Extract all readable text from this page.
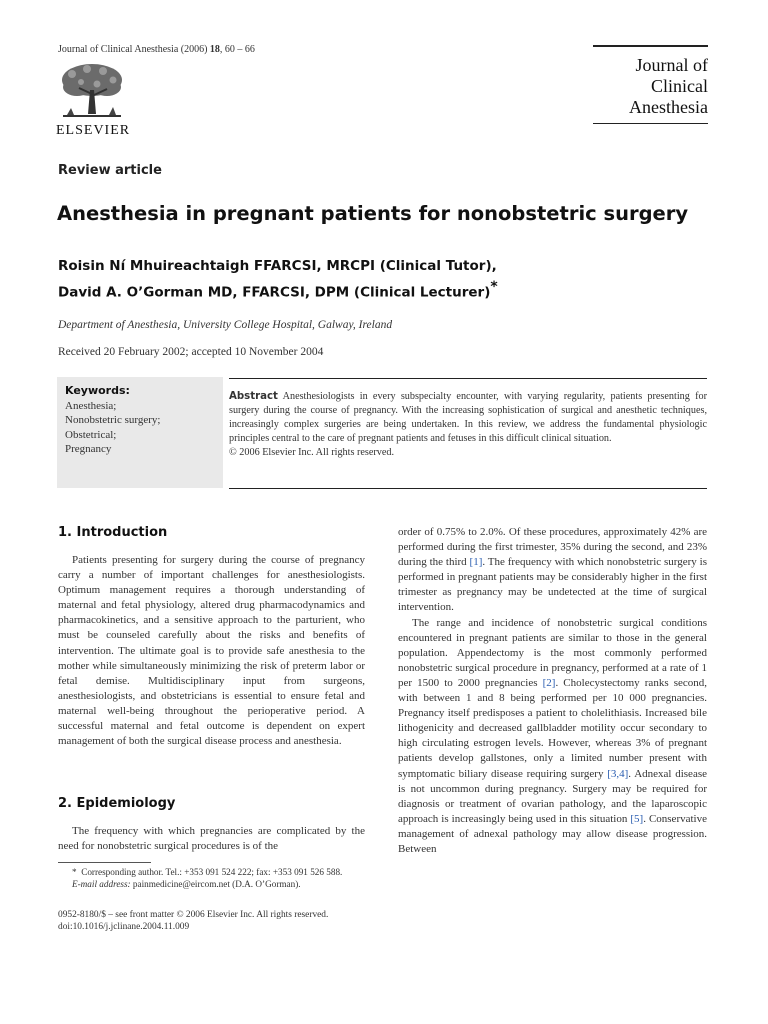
Journal of Clinical Anesthesia (2006) 18, 60 – 66
ELSEVIER
Journal of
Clinical
Anesthesia
Review article
Anesthesia in pregnant patients for nonobstetric surgery
Roisin Ní Mhuireachtaigh FFARCSI, MRCPI (Clinical Tutor),
David A. O’Gorman MD, FFARCSI, DPM (Clinical Lecturer)*
Department of Anesthesia, University College Hospital, Galway, Ireland
Received 20 February 2002; accepted 10 November 2004
Keywords:
Anesthesia;
Nonobstetric surgery;
Obstetrical;
Pregnancy
Abstract Anesthesiologists in every subspecialty encounter, with varying regularity, patients presenting for surgery during the course of pregnancy. With the increasing sophistication of surgical and anesthetic techniques, increasingly complex surgeries are being undertaken. In this review, we address the fundamental physiologic principles central to the care of pregnant patients and fetuses in this difficult clinical situation.
© 2006 Elsevier Inc. All rights reserved.
1. Introduction

Patients presenting for surgery during the course of pregnancy carry a number of important challenges for anesthesiologists. Optimum management requires a thorough understanding of maternal and fetal physiology, altered drug pharmacodynamics and pharmacokinetics, and a sensitive approach to the parturient, who must be counseled carefully about the risks and benefits of intervention. The ultimate goal is to provide safe anesthesia to the mother while simultaneously minimizing the risk of preterm labor or fetal demise. Multidisciplinary input from surgeons, anesthesiologists, and obstetricians is essential to ensure fetal and maternal well-being throughout the perioperative period. A successful maternal and fetal outcome is dependent on expert management of both the surgical disease process and anesthesia.

2. Epidemiology

The frequency with which pregnancies are complicated by the need for nonobstetric surgical procedures is of the

order of 0.75% to 2.0%. Of these procedures, approximately 42% are performed during the first trimester, 35% during the second, and 23% during the third [1]. The frequency with which nonobstetric surgery is performed in pregnant patients may be considerably higher in the first trimester as pregnancy may be undetected at the time of surgical intervention.

The range and incidence of nonobstetric surgical conditions encountered in pregnant patients are similar to those in the general population. Appendectomy is the most commonly performed nonobstetric surgical procedure in pregnancy, performed at a rate of 1 per 1500 to 2000 pregnancies [2]. Cholecystectomy ranks second, with between 1 and 8 being performed per 10 000 pregnancies. Pregnancy itself predisposes a patient to cholelithiasis. Increased bile lithogenicity and decreased gallbladder motility occur secondary to high circulating estrogen levels. However, whereas 3% of pregnant patients develop gallstones, only a limited number present with symptomatic biliary disease requiring surgery [3,4]. Adnexal disease is not uncommon during pregnancy. Surgery may be required for diagnosis or treatment of ovarian pathology, and the laparoscopic approach is increasingly being used in this situation [5]. Conservative management of adnexal pathology may allow disease progression. Between

* Corresponding author. Tel.: +353 091 524 222; fax: +353 091 526 588.
E-mail address: painmedicine@eircom.net (D.A. O’Gorman).
0952-8180/$ – see front matter © 2006 Elsevier Inc. All rights reserved.
doi:10.1016/j.jclinane.2004.11.009
